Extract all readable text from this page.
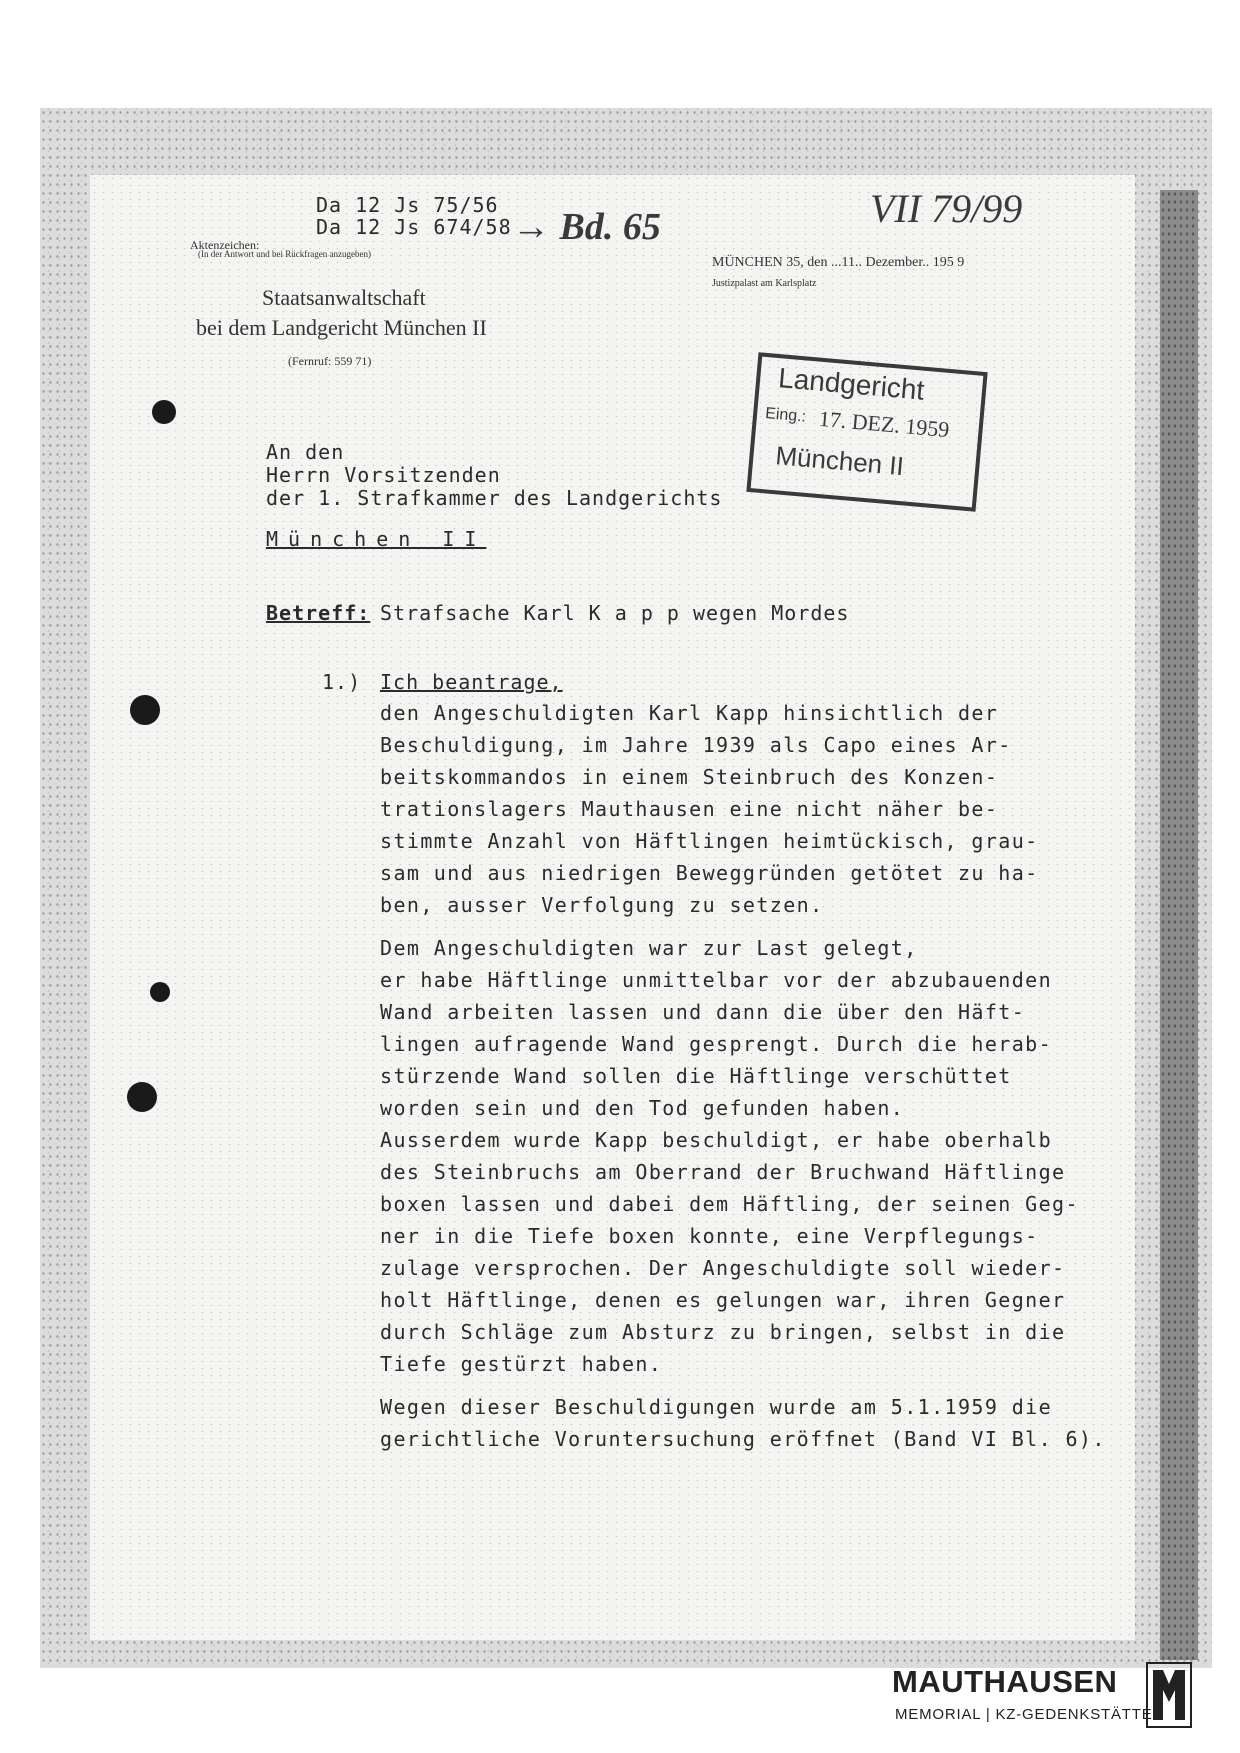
Da 12 Js 75/56
Da 12 Js 674/58 → Bd. 65	VII 79/99
Aktenzeichen:
(In der Antwort und bei Rückfragen anzugeben)
MÜNCHEN 35, den ...11.. Dezember.. 195 9
Justizpalast am Karlsplatz
Staatsanwaltschaft
bei dem Landgericht München II
(Fernruf: 559 71)
Landgericht
Eing.: 17. DEZ. 1959
München II
An den
Herrn Vorsitzenden
der 1. Strafkammer des Landgerichts
München II
Betreff: Strafsache Karl K a p p wegen Mordes
1.) Ich beantrage,
den Angeschuldigten Karl Kapp hinsichtlich der
Beschuldigung, im Jahre 1939 als Capo eines Ar-
beitskommandos in einem Steinbruch des Konzen-
trationslagers Mauthausen eine nicht näher be-
stimmte Anzahl von Häftlingen heimtückisch, grau-
sam und aus niedrigen Beweggründen getötet zu ha-
ben, ausser Verfolgung zu setzen.
Dem Angeschuldigten war zur Last gelegt,
er habe Häftlinge unmittelbar vor der abzubauenden
Wand arbeiten lassen und dann die über den Häft-
lingen aufragende Wand gesprengt. Durch die herab-
stürzende Wand sollen die Häftlinge verschüttet
worden sein und den Tod gefunden haben.
Ausserdem wurde Kapp beschuldigt, er habe oberhalb
des Steinbruchs am Oberrand der Bruchwand Häftlinge
boxen lassen und dabei dem Häftling, der seinen Geg-
ner in die Tiefe boxen konnte, eine Verpflegungs-
zulage versprochen. Der Angeschuldigte soll wieder-
holt Häftlinge, denen es gelungen war, ihren Gegner
durch Schläge zum Absturz zu bringen, selbst in die
Tiefe gestürzt haben.
Wegen dieser Beschuldigungen wurde am 5.1.1959 die
gerichtliche Voruntersuchung eröffnet (Band VI Bl. 6).
MAUTHAUSEN
MEMORIAL | KZ-GEDENKSTÄTTE
